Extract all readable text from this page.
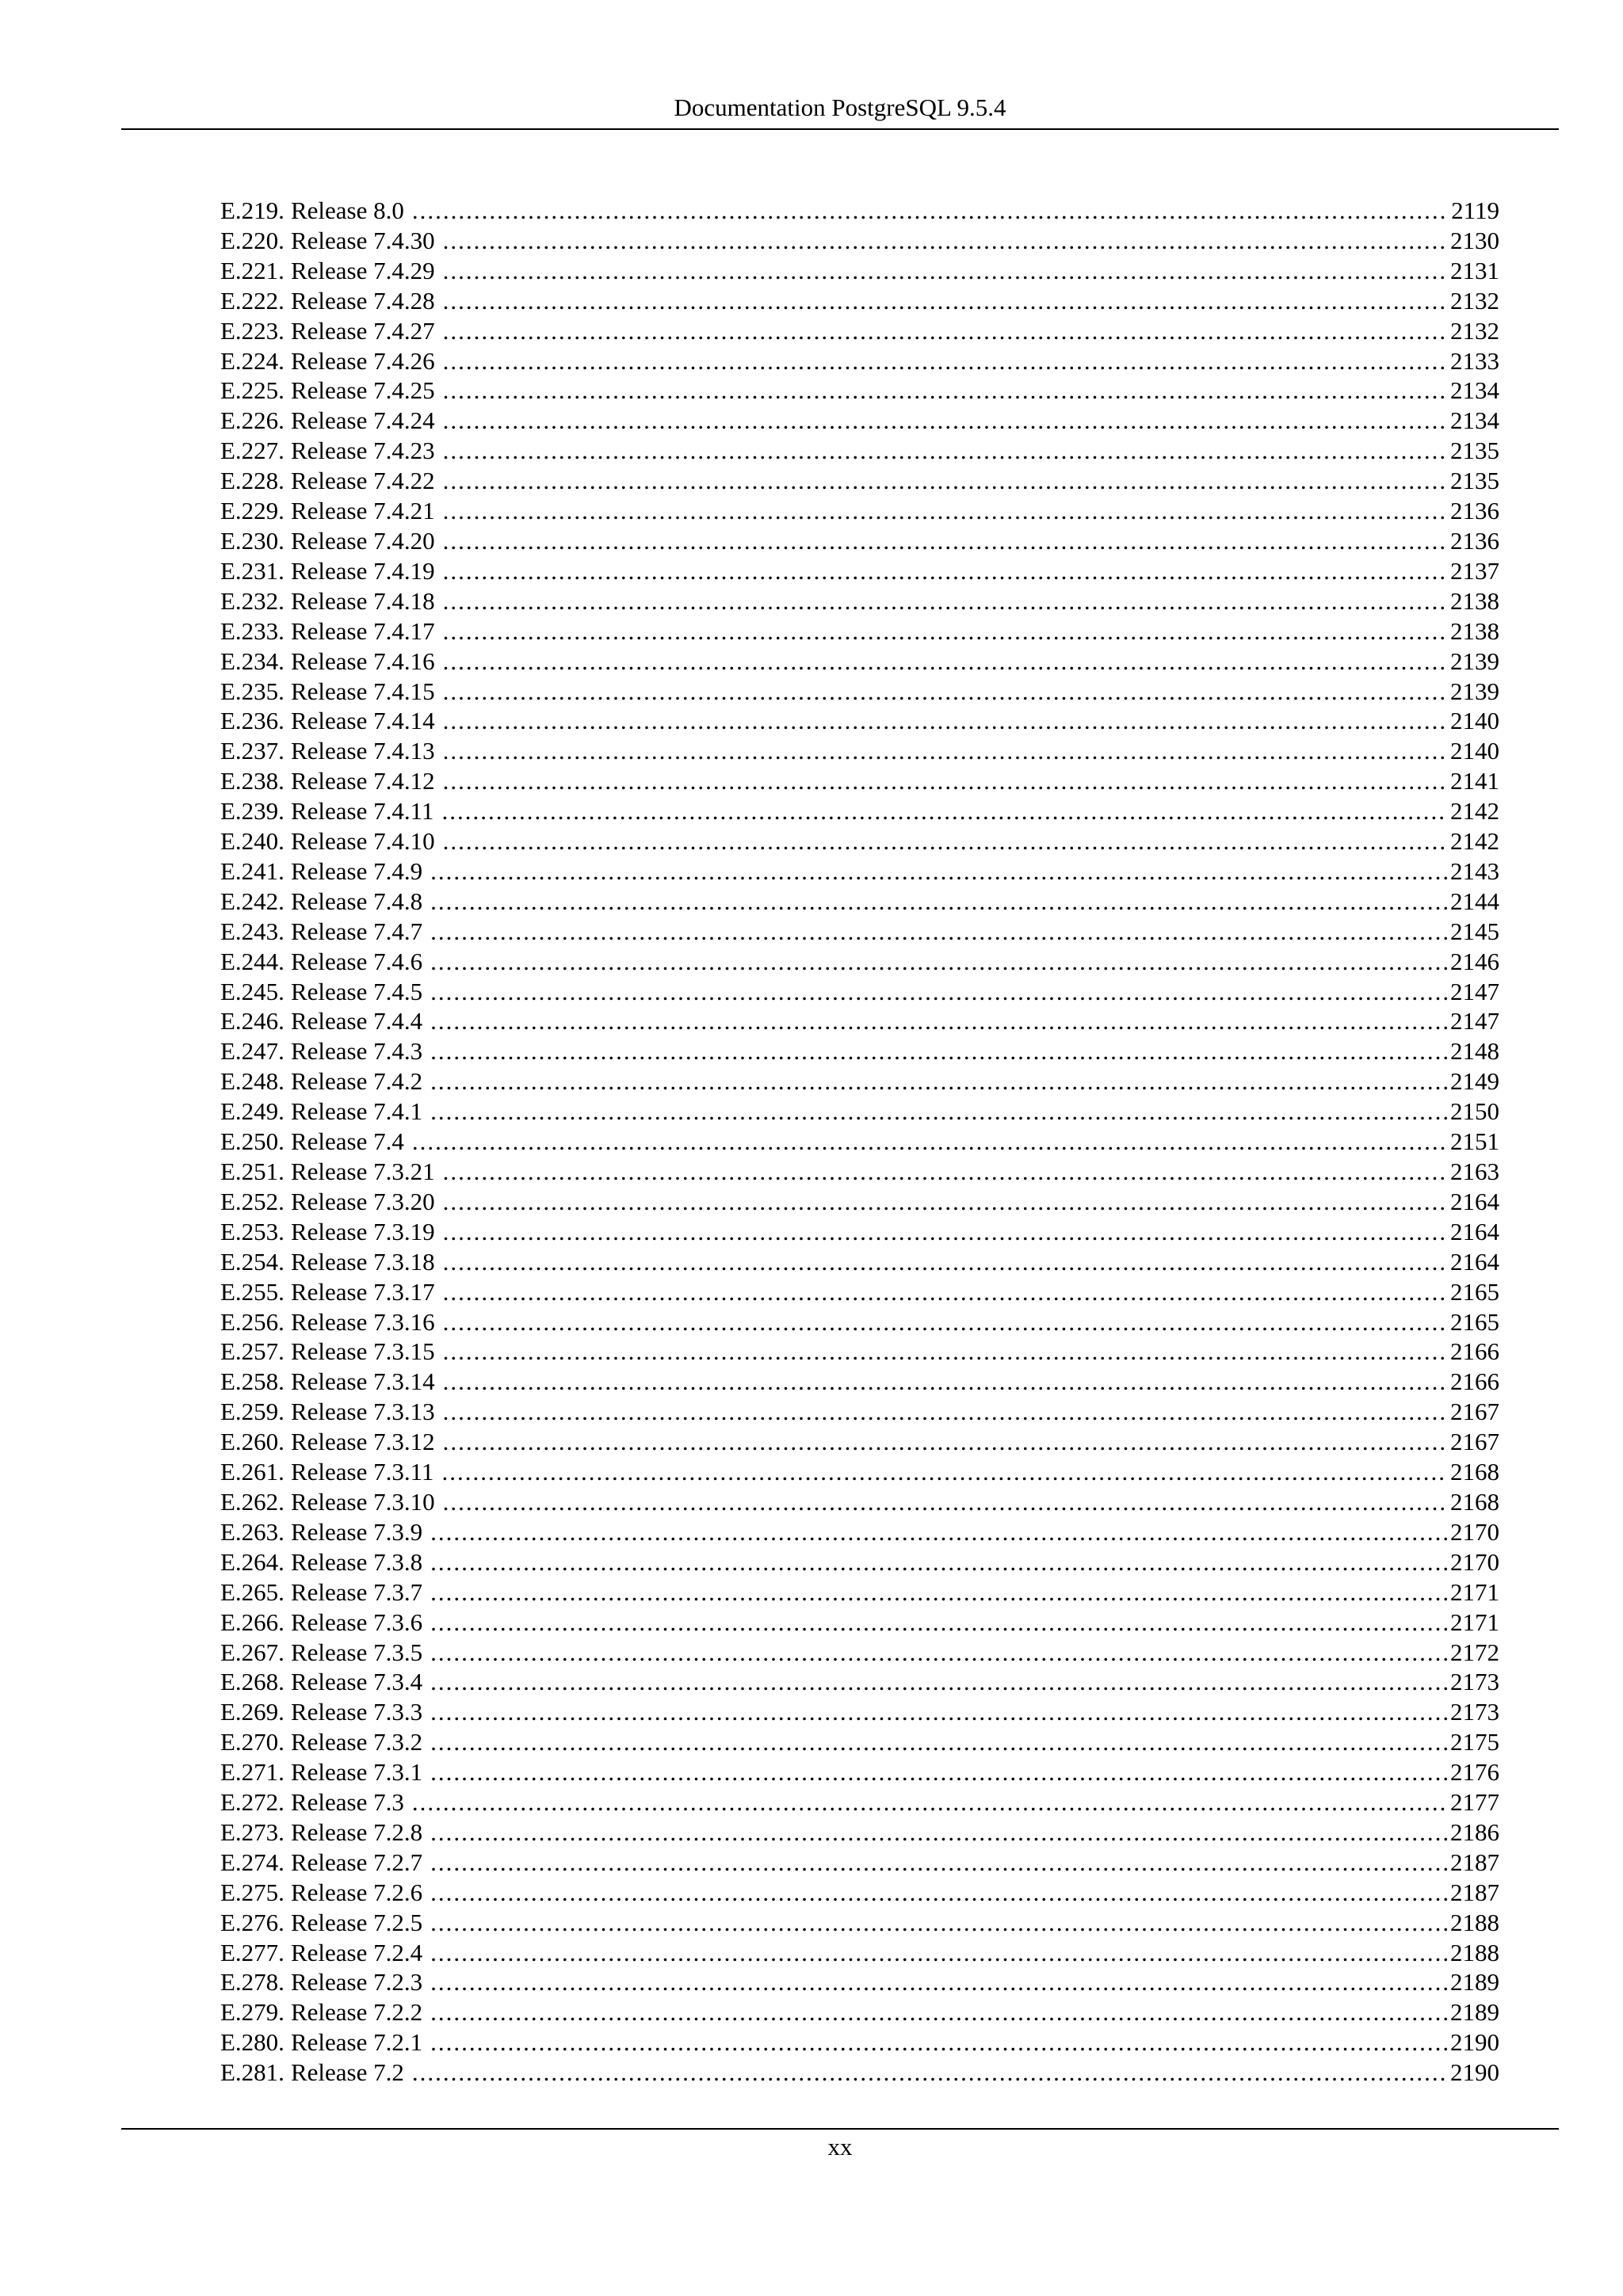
Documentation PostgreSQL 9.5.4
E.219. Release 8.0 .....	2119
E.220. Release 7.4.30 .....	2130
E.221. Release 7.4.29 .....	2131
E.222. Release 7.4.28 .....	2132
E.223. Release 7.4.27 .....	2132
E.224. Release 7.4.26 .....	2133
E.225. Release 7.4.25 .....	2134
E.226. Release 7.4.24 .....	2134
E.227. Release 7.4.23 .....	2135
E.228. Release 7.4.22 .....	2135
E.229. Release 7.4.21 .....	2136
E.230. Release 7.4.20 .....	2136
E.231. Release 7.4.19 .....	2137
E.232. Release 7.4.18 .....	2138
E.233. Release 7.4.17 .....	2138
E.234. Release 7.4.16 .....	2139
E.235. Release 7.4.15 .....	2139
E.236. Release 7.4.14 .....	2140
E.237. Release 7.4.13 .....	2140
E.238. Release 7.4.12 .....	2141
E.239. Release 7.4.11 .....	2142
E.240. Release 7.4.10 .....	2142
E.241. Release 7.4.9 .....	2143
E.242. Release 7.4.8 .....	2144
E.243. Release 7.4.7 .....	2145
E.244. Release 7.4.6 .....	2146
E.245. Release 7.4.5 .....	2147
E.246. Release 7.4.4 .....	2147
E.247. Release 7.4.3 .....	2148
E.248. Release 7.4.2 .....	2149
E.249. Release 7.4.1 .....	2150
E.250. Release 7.4 .....	2151
E.251. Release 7.3.21 .....	2163
E.252. Release 7.3.20 .....	2164
E.253. Release 7.3.19 .....	2164
E.254. Release 7.3.18 .....	2164
E.255. Release 7.3.17 .....	2165
E.256. Release 7.3.16 .....	2165
E.257. Release 7.3.15 .....	2166
E.258. Release 7.3.14 .....	2166
E.259. Release 7.3.13 .....	2167
E.260. Release 7.3.12 .....	2167
E.261. Release 7.3.11 .....	2168
E.262. Release 7.3.10 .....	2168
E.263. Release 7.3.9 .....	2170
E.264. Release 7.3.8 .....	2170
E.265. Release 7.3.7 .....	2171
E.266. Release 7.3.6 .....	2171
E.267. Release 7.3.5 .....	2172
E.268. Release 7.3.4 .....	2173
E.269. Release 7.3.3 .....	2173
E.270. Release 7.3.2 .....	2175
E.271. Release 7.3.1 .....	2176
E.272. Release 7.3 .....	2177
E.273. Release 7.2.8 .....	2186
E.274. Release 7.2.7 .....	2187
E.275. Release 7.2.6 .....	2187
E.276. Release 7.2.5 .....	2188
E.277. Release 7.2.4 .....	2188
E.278. Release 7.2.3 .....	2189
E.279. Release 7.2.2 .....	2189
E.280. Release 7.2.1 .....	2190
E.281. Release 7.2 .....	2190
xx
